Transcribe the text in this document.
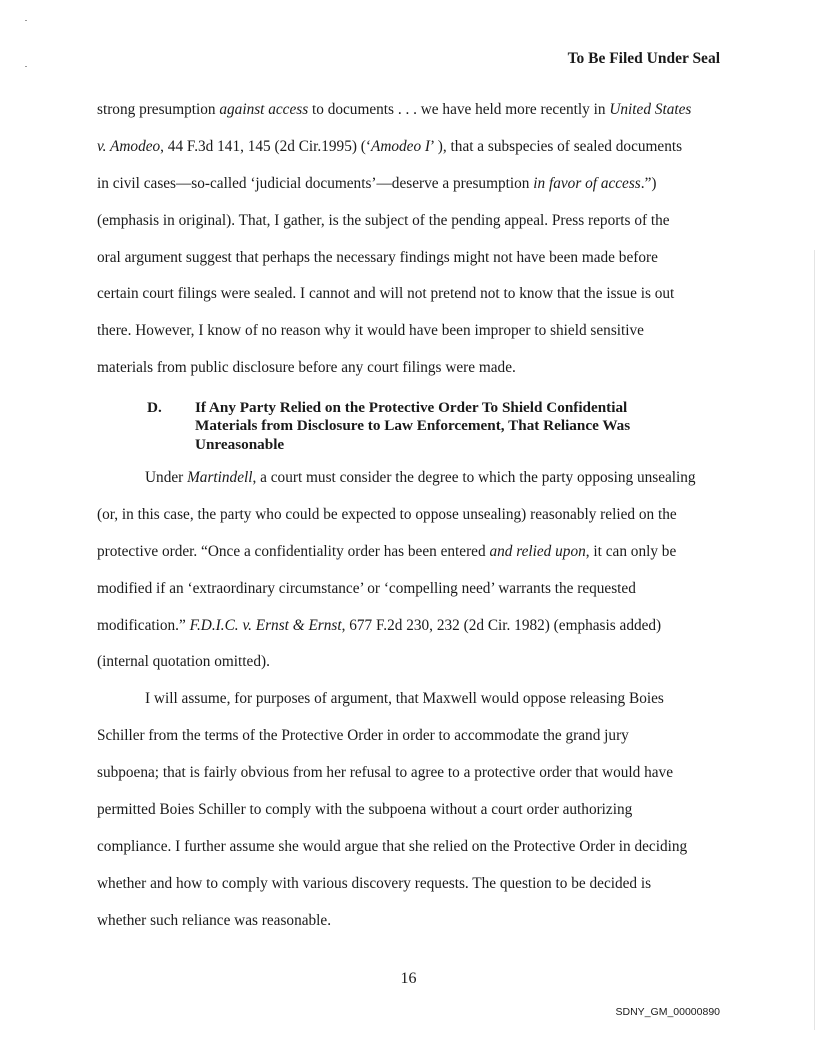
To Be Filed Under Seal
strong presumption against access to documents . . . we have held more recently in United States
v. Amodeo, 44 F.3d 141, 145 (2d Cir.1995) (‘Amodeo I’ ), that a subspecies of sealed documents
in civil cases—so-called ‘judicial documents’—deserve a presumption in favor of access.”)
(emphasis in original). That, I gather, is the subject of the pending appeal. Press reports of the
oral argument suggest that perhaps the necessary findings might not have been made before
certain court filings were sealed. I cannot and will not pretend not to know that the issue is out
there. However, I know of no reason why it would have been improper to shield sensitive
materials from public disclosure before any court filings were made.
D. If Any Party Relied on the Protective Order To Shield Confidential Materials from Disclosure to Law Enforcement, That Reliance Was Unreasonable
Under Martindell, a court must consider the degree to which the party opposing unsealing
(or, in this case, the party who could be expected to oppose unsealing) reasonably relied on the
protective order. “Once a confidentiality order has been entered and relied upon, it can only be
modified if an ‘extraordinary circumstance’ or ‘compelling need’ warrants the requested
modification.” F.D.I.C. v. Ernst & Ernst, 677 F.2d 230, 232 (2d Cir. 1982) (emphasis added)
(internal quotation omitted).
I will assume, for purposes of argument, that Maxwell would oppose releasing Boies
Schiller from the terms of the Protective Order in order to accommodate the grand jury
subpoena; that is fairly obvious from her refusal to agree to a protective order that would have
permitted Boies Schiller to comply with the subpoena without a court order authorizing
compliance. I further assume she would argue that she relied on the Protective Order in deciding
whether and how to comply with various discovery requests. The question to be decided is
whether such reliance was reasonable.
16
SDNY_GM_00000890
